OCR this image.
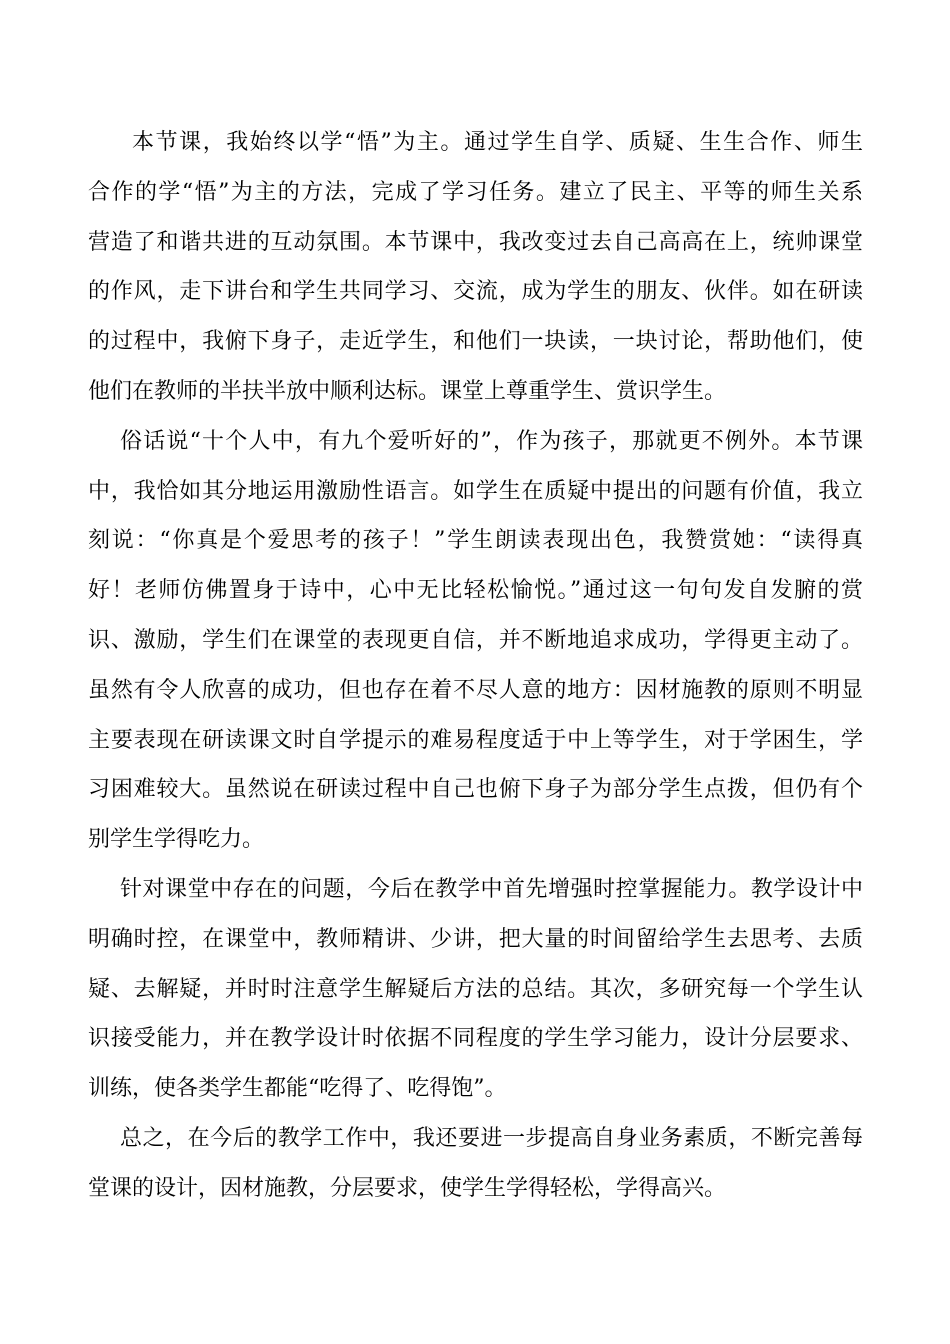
本节课，我始终以学“悟”为主。通过学生自学、质疑、生生合作、师生
合作的学“悟”为主的方法，完成了学习任务。建立了民主、平等的师生关系
营造了和谐共进的互动氛围。本节课中，我改变过去自己高高在上，统帅课堂
的作风，走下讲台和学生共同学习、交流，成为学生的朋友、伙伴。如在研读
的过程中，我俯下身子，走近学生，和他们一块读，一块讨论，帮助他们，使
他们在教师的半扶半放中顺利达标。课堂上尊重学生、赏识学生。
俗话说“十个人中，有九个爱听好的”，作为孩子，那就更不例外。本节课
中，我恰如其分地运用激励性语言。如学生在质疑中提出的问题有价值，我立
刻说：“你真是个爱思考的孩子！”学生朗读表现出色，我赞赏她：“读得真
好！老师仿佛置身于诗中，心中无比轻松愉悦。”通过这一句句发自发腑的赏
识、激励，学生们在课堂的表现更自信，并不断地追求成功，学得更主动了。
虽然有令人欣喜的成功，但也存在着不尽人意的地方：因材施教的原则不明显
主要表现在研读课文时自学提示的难易程度适于中上等学生，对于学困生，学
习困难较大。虽然说在研读过程中自己也俯下身子为部分学生点拨，但仍有个
别学生学得吃力。
针对课堂中存在的问题，今后在教学中首先增强时控掌握能力。教学设计中
明确时控，在课堂中，教师精讲、少讲，把大量的时间留给学生去思考、去质
疑、去解疑，并时时注意学生解疑后方法的总结。其次，多研究每一个学生认
识接受能力，并在教学设计时依据不同程度的学生学习能力，设计分层要求、
训练，使各类学生都能“吃得了、吃得饱”。
总之，在今后的教学工作中，我还要进一步提高自身业务素质，不断完善每
堂课的设计，因材施教，分层要求，使学生学得轻松，学得高兴。
